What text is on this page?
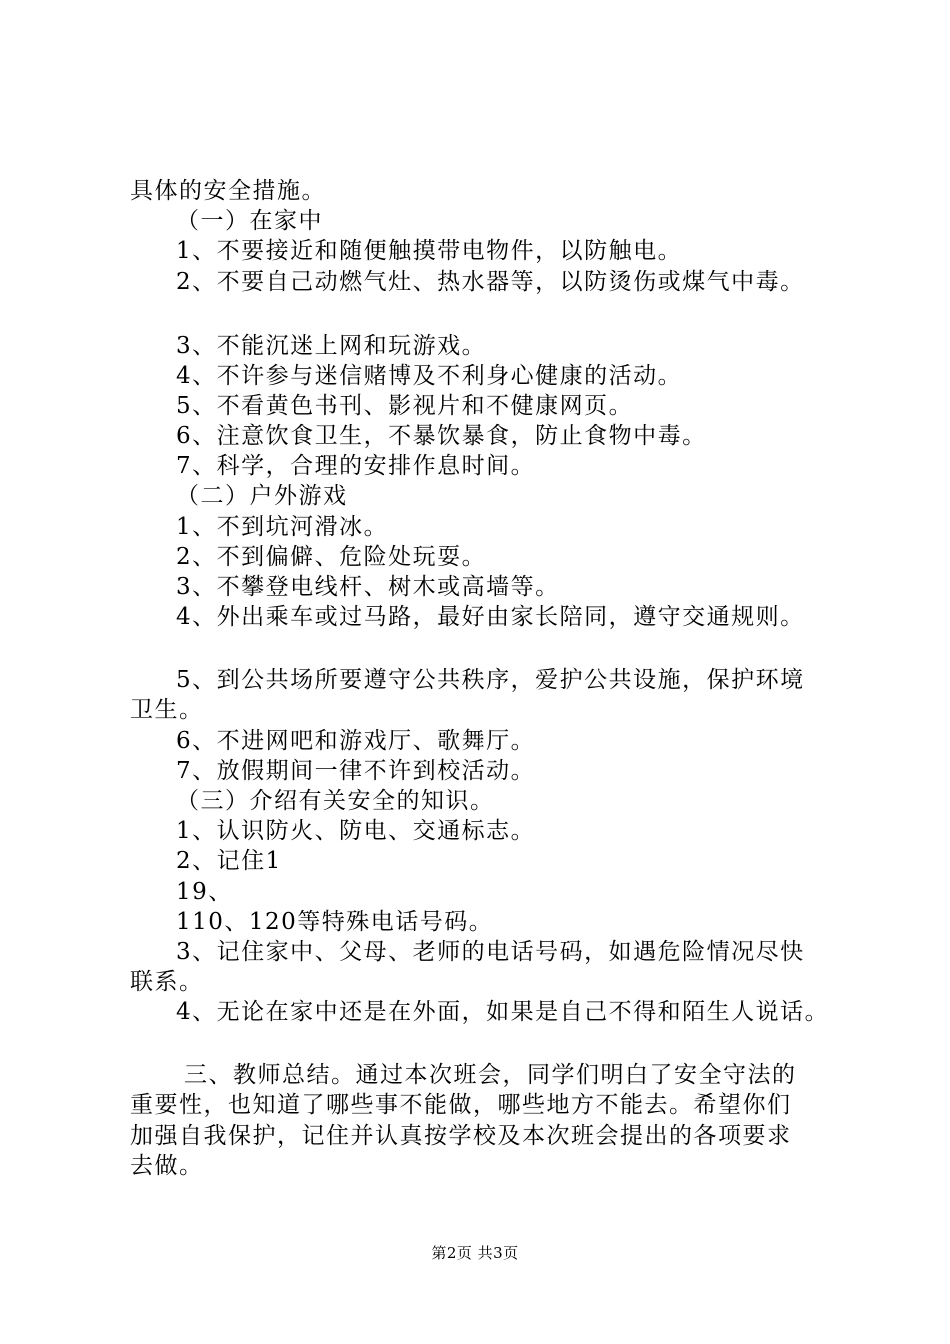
具体的安全措施。
（一）在家中
1、不要接近和随便触摸带电物件，以防触电。
2、不要自己动燃气灶、热水器等，以防烫伤或煤气中毒。
3、不能沉迷上网和玩游戏。
4、不许参与迷信赌博及不利身心健康的活动。
5、不看黄色书刊、影视片和不健康网页。
6、注意饮食卫生，不暴饮暴食，防止食物中毒。
7、科学，合理的安排作息时间。
（二）户外游戏
1、不到坑河滑冰。
2、不到偏僻、危险处玩耍。
3、不攀登电线杆、树木或高墙等。
4、外出乘车或过马路，最好由家长陪同，遵守交通规则。
5、到公共场所要遵守公共秩序，爱护公共设施，保护环境
卫生。
6、不进网吧和游戏厅、歌舞厅。
7、放假期间一律不许到校活动。
（三）介绍有关安全的知识。
1、认识防火、防电、交通标志。
2、记住1
19、
110、120等特殊电话号码。
3、记住家中、父母、老师的电话号码，如遇危险情况尽快
联系。
4、无论在家中还是在外面，如果是自己不得和陌生人说话。
三、教师总结。通过本次班会，同学们明白了安全守法的
重要性，也知道了哪些事不能做，哪些地方不能去。希望你们
加强自我保护，记住并认真按学校及本次班会提出的各项要求
去做。
第2页 共3页
